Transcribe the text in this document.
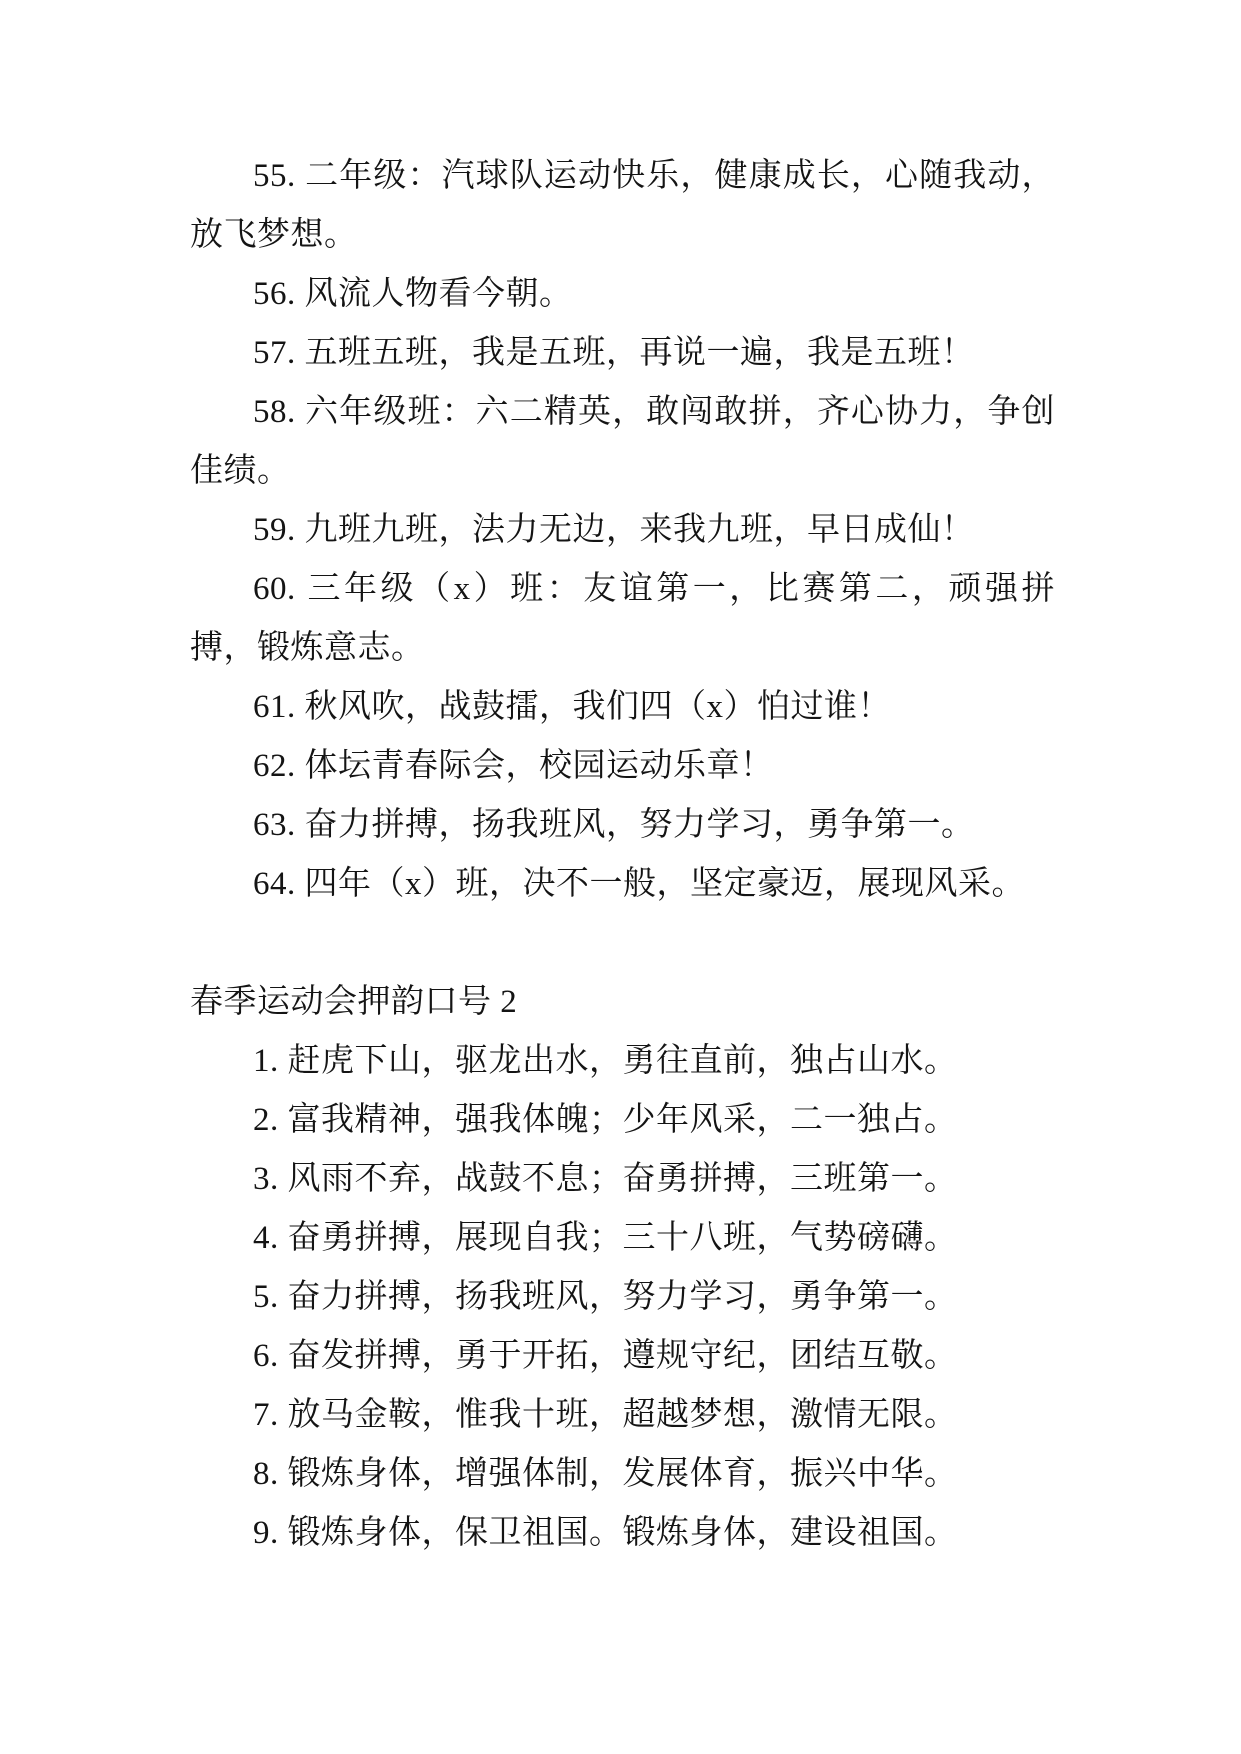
55. 二年级：汽球队运动快乐，健康成长，心随我动，放飞梦想。

56. 风流人物看今朝。

57. 五班五班，我是五班，再说一遍，我是五班！

58. 六年级班：六二精英，敢闯敢拼，齐心协力，争创佳绩。

59. 九班九班，法力无边，来我九班，早日成仙！

60. 三年级（x）班：友谊第一，比赛第二，顽强拼搏，锻炼意志。

61. 秋风吹，战鼓擂，我们四（x）怕过谁！

62. 体坛青春际会，校园运动乐章！

63. 奋力拼搏，扬我班风，努力学习，勇争第一。

64. 四年（x）班，决不一般，坚定豪迈，展现风采。

春季运动会押韵口号 2

1. 赶虎下山，驱龙出水，勇往直前，独占山水。

2. 富我精神，强我体魄；少年风采，二一独占。

3. 风雨不弃，战鼓不息；奋勇拼搏，三班第一。

4. 奋勇拼搏，展现自我；三十八班，气势磅礴。

5. 奋力拼搏，扬我班风，努力学习，勇争第一。

6. 奋发拼搏，勇于开拓，遵规守纪，团结互敬。

7. 放马金鞍，惟我十班，超越梦想，激情无限。

8. 锻炼身体，增强体制，发展体育，振兴中华。

9. 锻炼身体，保卫祖国。锻炼身体，建设祖国。
